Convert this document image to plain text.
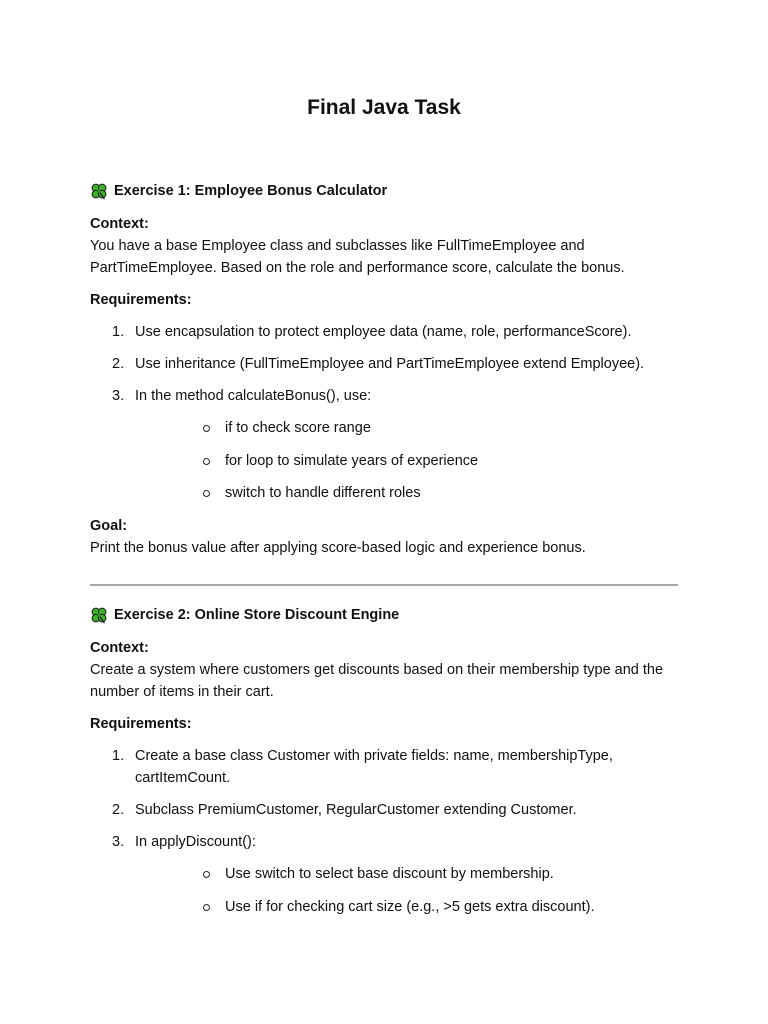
Final Java Task
Exercise 1: Employee Bonus Calculator
Context:

You have a base Employee class and subclasses like FullTimeEmployee and

PartTimeEmployee. Based on the role and performance score, calculate the bonus.

Requirements:
1. Use encapsulation to protect employee data (name, role, performanceScore).
2. Use inheritance (FullTimeEmployee and PartTimeEmployee extend Employee).
3. In the method calculateBonus(), use:
if to check score range
for loop to simulate years of experience
switch to handle different roles
Goal:

Print the bonus value after applying score-based logic and experience bonus.

Exercise 2: Online Store Discount Engine
Context:

Create a system where customers get discounts based on their membership type and the

number of items in their cart.

Requirements:
1. Create a base class Customer with private fields: name, membershipType,
cartItemCount.
2. Subclass PremiumCustomer, RegularCustomer extending Customer.
3. In applyDiscount():
Use switch to select base discount by membership.
Use if for checking cart size (e.g., >5 gets extra discount).
